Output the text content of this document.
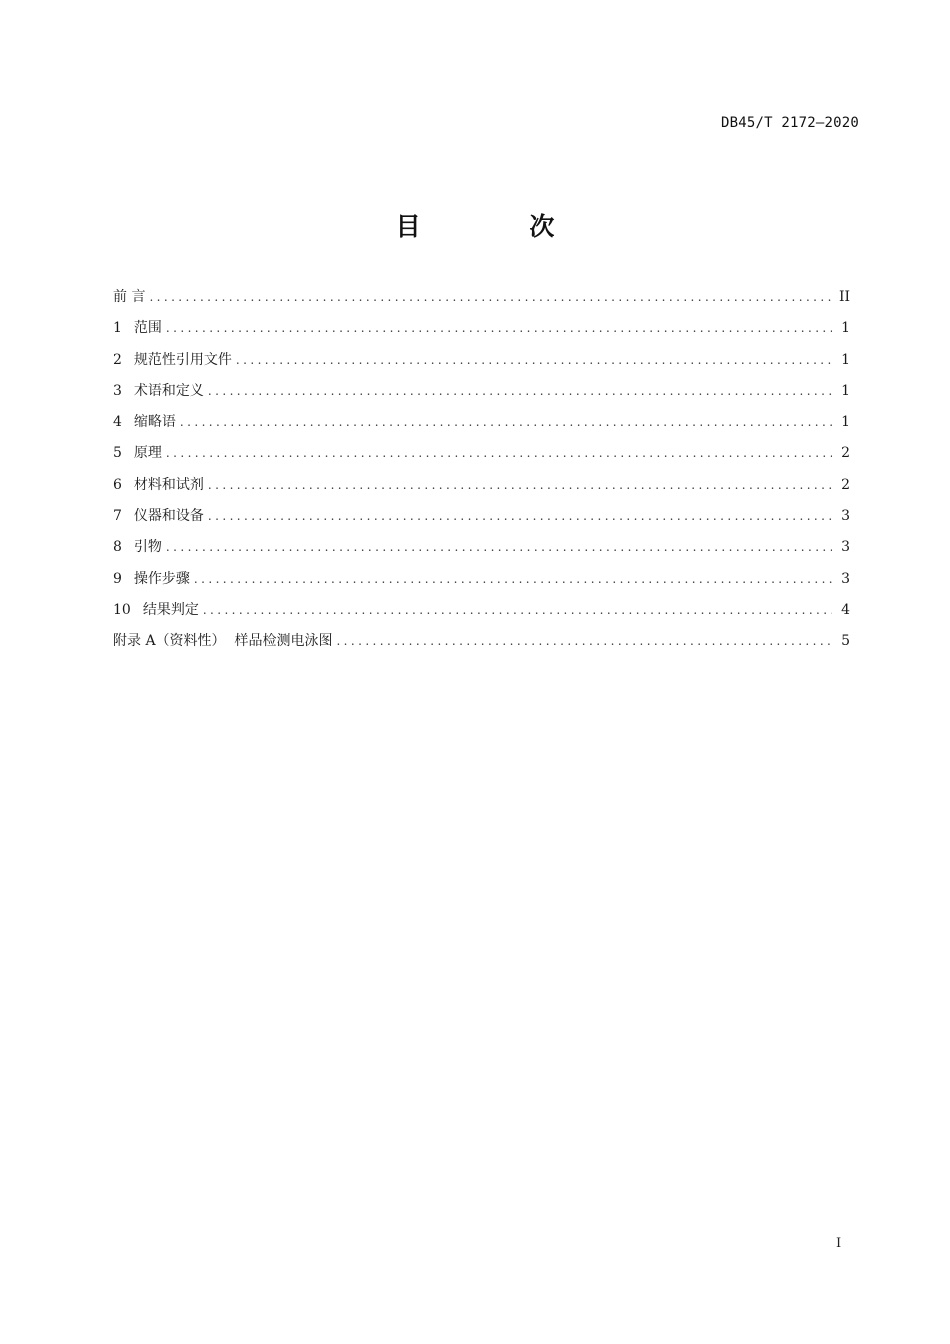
DB45/T 2172—2020
目 次
前 言 .....	II
1 范围 .....	1
2 规范性引用文件 .....	1
3 术语和定义 .....	1
4 缩略语 .....	1
5 原理 .....	2
6 材料和试剂 .....	2
7 仪器和设备 .....	3
8 引物 .....	3
9 操作步骤 .....	3
10 结果判定 .....	4
附录 A（资料性）  样品检测电泳图 .....	5
I
